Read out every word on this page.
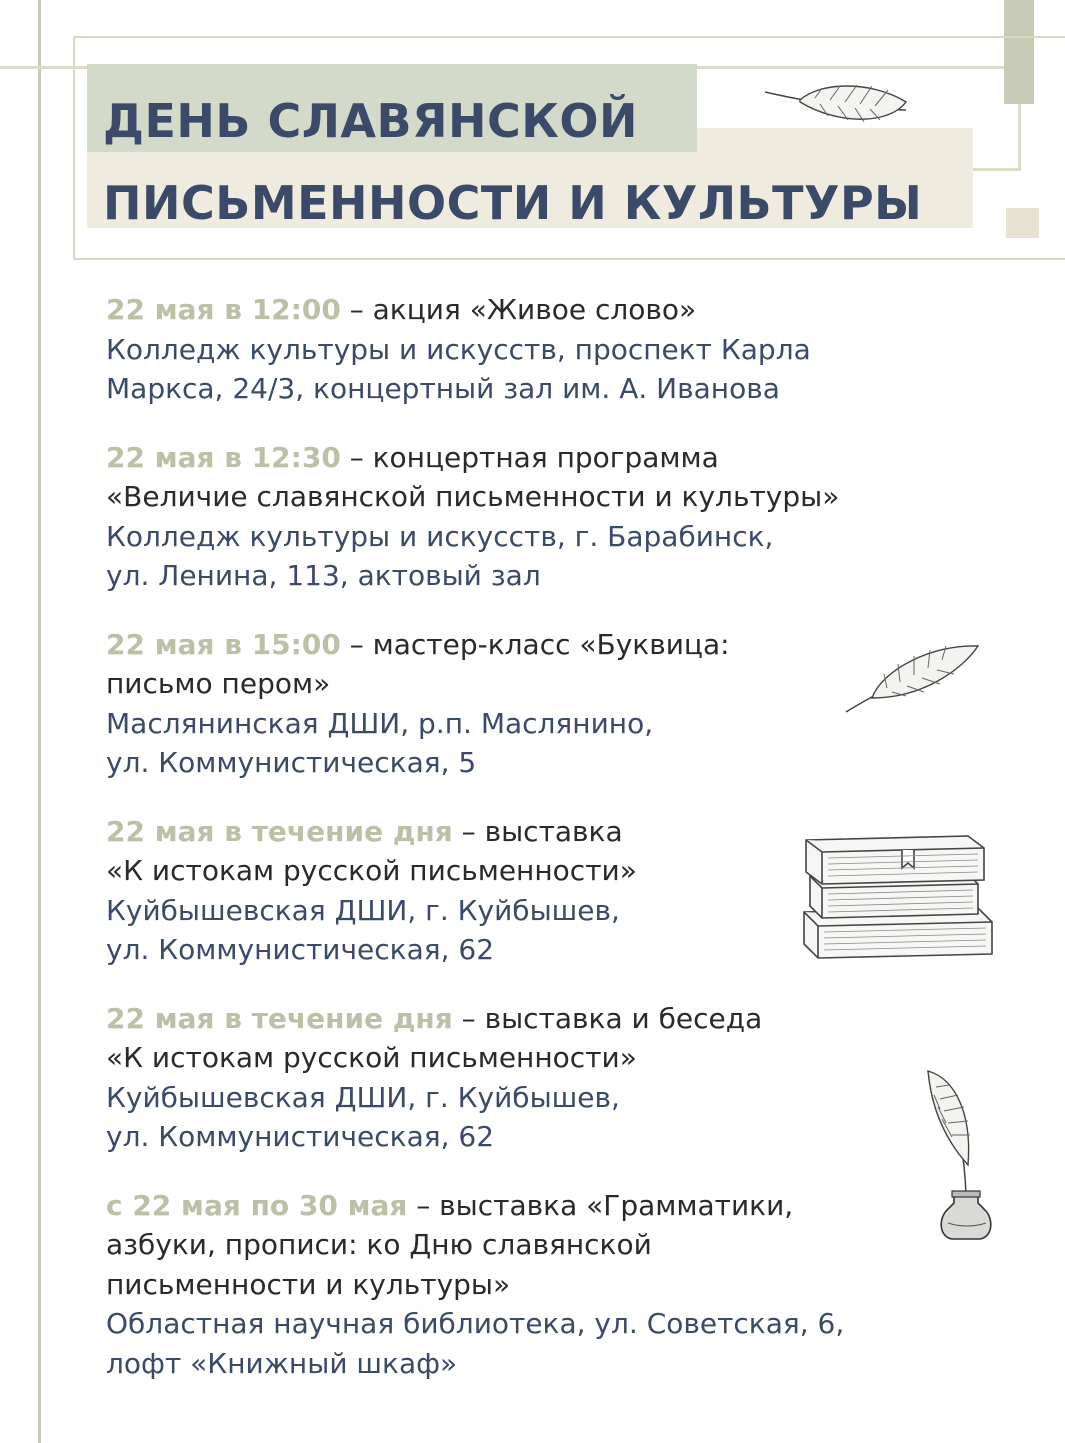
ДЕНЬ СЛАВЯНСКОЙ
ПИСЬМЕННОСТИ И КУЛЬТУРЫ
22 мая в 12:00 – акция «Живое слово»
Колледж культуры и искусств, проспект Карла
Маркса, 24/3, концертный зал им. А. Иванова
22 мая в 12:30 – концертная программа
«Величие славянской письменности и культуры»
Колледж культуры и искусств, г. Барабинск,
ул. Ленина, 113, актовый зал
22 мая в 15:00 – мастер-класс «Буквица:
письмо пером»
Маслянинская ДШИ, р.п. Маслянино,
ул. Коммунистическая, 5
22 мая в течение дня – выставка
«К истокам русской письменности»
Куйбышевская ДШИ, г. Куйбышев,
ул. Коммунистическая, 62
22 мая в течение дня – выставка и беседа
«К истокам русской письменности»
Куйбышевская ДШИ, г. Куйбышев,
ул. Коммунистическая, 62
с 22 мая по 30 мая – выставка «Грамматики,
азбуки, прописи: ко Дню славянской
письменности и культуры»
Областная научная библиотека, ул. Советская, 6,
лофт «Книжный шкаф»
